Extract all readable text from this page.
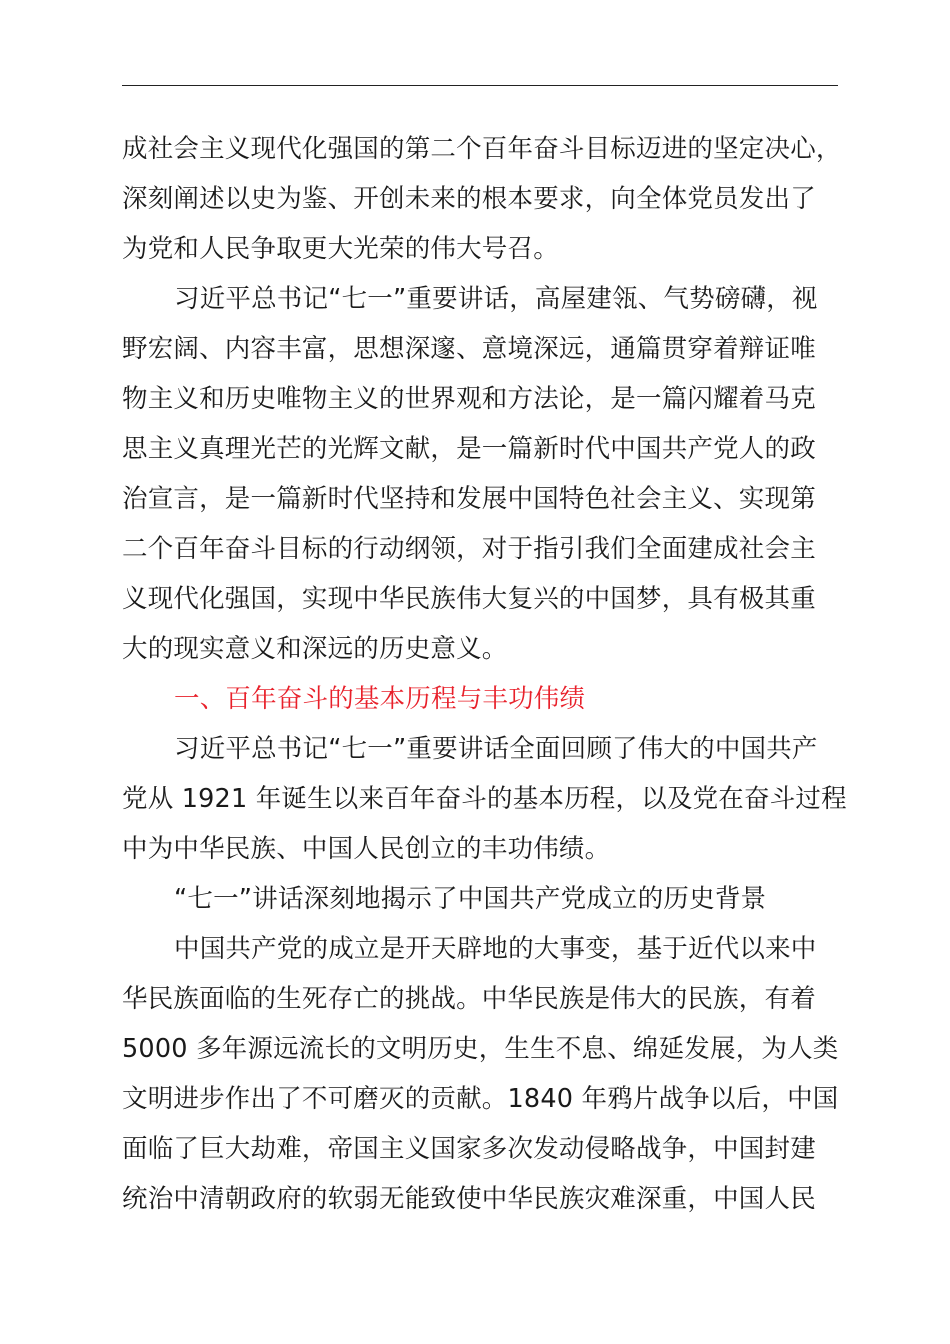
成社会主义现代化强国的第二个百年奋斗目标迈进的坚定决心，
深刻阐述以史为鉴、开创未来的根本要求，向全体党员发出了
为党和人民争取更大光荣的伟大号召。
习近平总书记“七一”重要讲话，高屋建瓴、气势磅礴，视
野宏阔、内容丰富，思想深邃、意境深远，通篇贯穿着辩证唯
物主义和历史唯物主义的世界观和方法论，是一篇闪耀着马克
思主义真理光芒的光辉文献，是一篇新时代中国共产党人的政
治宣言，是一篇新时代坚持和发展中国特色社会主义、实现第
二个百年奋斗目标的行动纲领，对于指引我们全面建成社会主
义现代化强国，实现中华民族伟大复兴的中国梦，具有极其重
大的现实意义和深远的历史意义。
一、百年奋斗的基本历程与丰功伟绩
习近平总书记“七一”重要讲话全面回顾了伟大的中国共产
党从 1921 年诞生以来百年奋斗的基本历程，以及党在奋斗过程
中为中华民族、中国人民创立的丰功伟绩。
“七一”讲话深刻地揭示了中国共产党成立的历史背景
中国共产党的成立是开天辟地的大事变，基于近代以来中
华民族面临的生死存亡的挑战。中华民族是伟大的民族，有着
5000 多年源远流长的文明历史，生生不息、绵延发展，为人类
文明进步作出了不可磨灭的贡献。1840 年鸦片战争以后，中国
面临了巨大劫难，帝国主义国家多次发动侵略战争，中国封建
统治中清朝政府的软弱无能致使中华民族灾难深重，中国人民
